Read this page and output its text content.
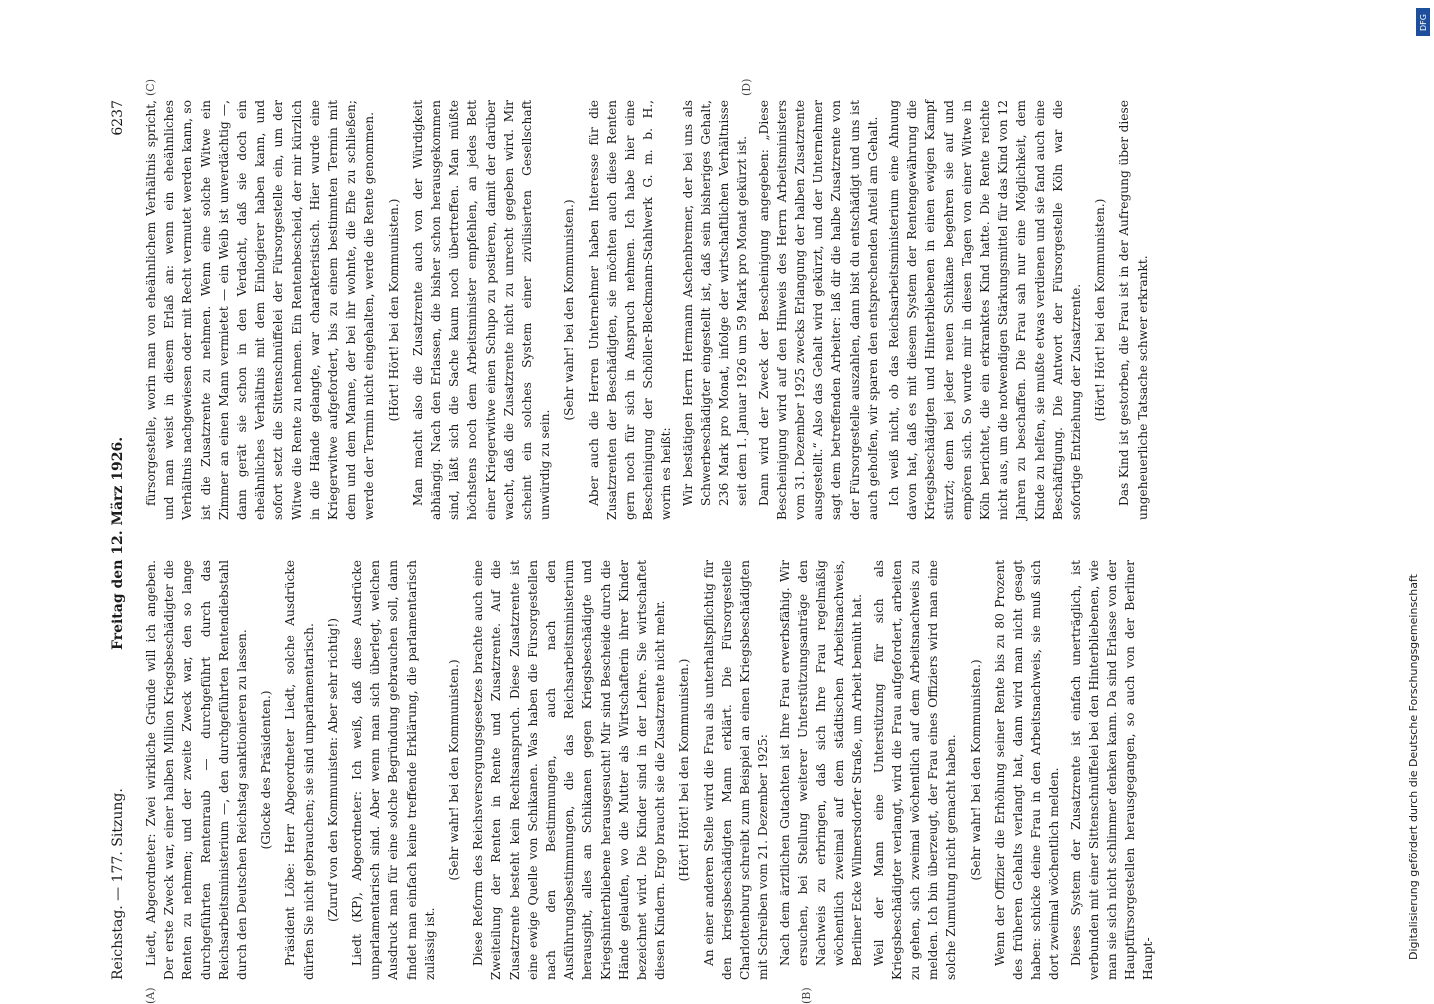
Reichstag. — 177. Sitzung.
Freitag den 12. März 1926.
6237

Liedt, Abgeordneter: Zwei wirkliche Gründe will ich angeben. Der erste Zweck war, einer halben Million Kriegsbeschädigter die Renten zu nehmen; und der zweite Zweck war, den so lange durchgeführten Rentenraub — durchgeführt durch das Reichsarbeitsministerium —, den durchgeführten Rentendiebstahl durch den Deutschen Reichstag sanktionieren zu lassen. (Glocke des Präsidenten.) Präsident Löbe: Herr Abgeordneter Liedt, solche Ausdrücke dürfen Sie nicht gebrauchen; sie sind unparlamentarisch. (Zuruf von den Kommunisten: Aber sehr richtig!) Liedt (KP), Abgeordneter: Ich weiß, daß diese Ausdrücke unparlamentarisch sind. Aber wenn man sich überlegt, welchen Ausdruck man für eine solche Begründung gebrauchen soll, dann findet man einfach keine treffende Erklärung, die parlamentarisch zulässig ist.

(Sehr wahr! bei den Kommunisten.) Diese Reform des Reichsversorgungsgesetzes brachte auch eine Zweiteilung der Renten in Rente und Zusatzrente. Auf die Zusatzrente besteht kein Rechtsanspruch. Diese Zusatzrente ist eine ewige Quelle von Schikanen. Was haben die Fürsorgestellen nach den Bestimmungen, auch nach den Ausführungsbestimmungen, die das Reichsarbeitsministerium herausgibt, alles an Schikanen gegen Kriegsbeschädigte und Kriegshinterbliebene herausgesucht! Mir sind Bescheide durch die Hände gelaufen, wo die Mutter als Wirtschafterin ihrer Kinder bezeichnet wird. Die Kinder sind in der Lehre. Sie wirtschaftet diesen Kindern. Ergo braucht sie die Zusatzrente nicht mehr. (Hört! Hört! bei den Kommunisten.) An einer anderen Stelle wird die Frau als unterhaltspflichtig für den kriegsbeschädigten Mann erklärt. Die Fürsorgestelle Charlottenburg schreibt zum Beispiel an einen Kriegsbeschädigten mit Schreiben vom 21. Dezember 1925: Nach dem ärztlichen Gutachten ist Ihre Frau erwerbsfähig. Wir ersuchen, bei Stellung weiterer Unterstützungsanträge den Nachweis zu erbringen, daß sich Ihre Frau regelmäßig wöchentlich zweimal auf dem städtischen Arbeitsnachweis, Berliner Ecke Wilmersdorfer Straße, um Arbeit bemüht hat. Weil der Mann eine Unterstützung für sich als Kriegsbeschädigter verlangt, wird die Frau aufgefordert, arbeiten zu gehen, sich zweimal wöchentlich auf dem Arbeitsnachweis zu melden. Ich bin überzeugt, der Frau eines Offiziers wird man eine solche Zumutung nicht gemacht haben. (Sehr wahr! bei den Kommunisten.) Wenn der Offizier die Erhöhung seiner Rente bis zu 80 Prozent des früheren Gehalts verlangt hat, dann wird man nicht gesagt haben: schicke deine Frau in den Arbeitsnachweis, sie muß sich dort zweimal wöchentlich melden. Dieses System der Zusatzrente ist einfach unerträglich, ist verbunden mit einer Sittenschnüffelei bei den Hinterbliebenen, wie man sie sich nicht schlimmer denken kann. Da sind Erlasse von der Hauptfürsorgestellen herausgegangen, so auch von der Berliner Haupt-

fürsorgestelle, worin man von eheähnlichem Verhältnis spricht, und man weist in diesem Erlaß an: wenn ein eheähnliches Verhältnis nachgewiesen oder mit Recht vermutet werden kann, so ist die Zusatzrente zu nehmen. Wenn eine solche Witwe ein Zimmer an einen Mann vermietet — ein Weib ist unverdächtig —, dann gerät sie schon in den Verdacht, daß sie doch ein eheähnliches Verhältnis mit dem Einlogierer haben kann, und sofort setzt die Sittenschnüffelei der Fürsorgestelle ein, um der Witwe die Rente zu nehmen. Ein Rentenbescheid, der mir kürzlich in die Hände gelangte, war charakteristisch. Hier wurde eine Kriegerwitwe aufgefordert, bis zu einem bestimmten Termin mit dem und dem Manne, der bei ihr wohnte, die Ehe zu schließen; werde der Termin nicht eingehalten, werde die Rente genommen. (Hört! Hört! bei den Kommunisten.) Man macht also die Zusatzrente auch von der Würdigkeit abhängig. Nach den Erlassen, die bisher schon herausgekommen sind, läßt sich die Sache kaum noch übertreffen. Man müßte höchstens noch dem Arbeitsminister empfehlen, an jedes Bett einer Kriegerwitwe einen Schupo zu postieren, damit der darüber wacht, daß die Zusatzrente nicht zu unrecht gegeben wird. Mir scheint ein solches System einer zivilisierten Gesellschaft unwürdig zu sein.

(Sehr wahr! bei den Kommunisten.) Aber auch die Herren Unternehmer haben Interesse für die Zusatzrenten der Beschädigten, sie möchten auch diese Renten gern noch für sich in Anspruch nehmen. Ich habe hier eine Bescheinigung der Schöller-Bleckmann-Stahlwerk G. m. b. H., worin es heißt: Wir bestätigen Herrn Hermann Aschenbremer, der bei uns als Schwerbeschädigter eingestellt ist, daß sein bisheriges Gehalt, 236 Mark pro Monat, infolge der wirtschaftlichen Verhältnisse seit dem 1. Januar 1926 um 59 Mark pro Monat gekürzt ist. Dann wird der Zweck der Bescheinigung angegeben: „Diese Bescheinigung wird auf den Hinweis des Herrn Arbeitsministers vom 31. Dezember 1925 zwecks Erlangung der halben Zusatzrente ausgestellt.“ Also das Gehalt wird gekürzt, und der Unternehmer sagt dem betreffenden Arbeiter: laß dir die halbe Zusatzrente von der Fürsorgestelle auszahlen, dann bist du entschädigt und uns ist auch geholfen, wir sparen den entsprechenden Anteil am Gehalt. Ich weiß nicht, ob das Reichsarbeitsministerium eine Ahnung davon hat, daß es mit diesem System der Rentengewährung die Kriegsbeschädigten und Hinterbliebenen in einen ewigen Kampf stürzt; denn bei jeder neuen Schikane begehren sie auf und empören sich. So wurde mir in diesen Tagen von einer Witwe in Köln berichtet, die ein erkranktes Kind hatte. Die Rente reichte nicht aus, um die notwendigen Stärkungsmittel für das Kind von 12 Jahren zu beschaffen. Die Frau sah nur eine Möglichkeit, dem Kinde zu helfen, sie mußte etwas verdienen und sie fand auch eine Beschäftigung. Die Antwort der Fürsorgestelle Köln war die sofortige Entziehung der Zusatzrente. (Hört! Hört! bei den Kommunisten.) Das Kind ist gestorben, die Frau ist in der Aufregung über diese ungeheuerliche Tatsache schwer erkrankt.

(A)	(B)
(C)	(D)
DFG
Digitalisierung gefördert durch die Deutsche Forschungsgemeinschaft
